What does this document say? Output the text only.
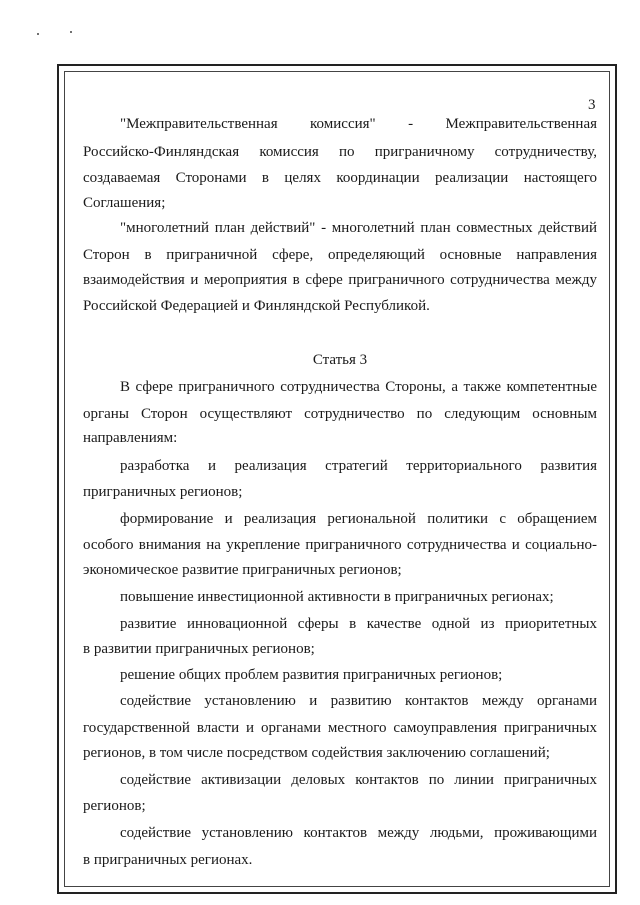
3
"Межправительственная комиссия" - Межправительственная
Российско-Финляндская комиссия по приграничному сотрудничеству,
создаваемая Сторонами в целях координации реализации настоящего
Соглашения;
"многолетний план действий" - многолетний план совместных действий
Сторон в приграничной сфере, определяющий основные направления
взаимодействия и мероприятия в сфере приграничного сотрудничества между
Российской Федерацией и Финляндской Республикой.
Статья 3
В сфере приграничного сотрудничества Стороны, а также компетентные
органы Сторон осуществляют сотрудничество по следующим основным
направлениям:
разработка и реализация стратегий территориального развития
приграничных регионов;
формирование и реализация региональной политики с обращением
особого внимания на укрепление приграничного сотрудничества и социально-
экономическое развитие приграничных регионов;
повышение инвестиционной активности в приграничных регионах;
развитие инновационной сферы в качестве одной из приоритетных
в развитии приграничных регионов;
решение общих проблем развития приграничных регионов;
содействие установлению и развитию контактов между органами
государственной власти и органами местного самоуправления приграничных
регионов, в том числе посредством содействия заключению соглашений;
содействие активизации деловых контактов по линии приграничных
регионов;
содействие установлению контактов между людьми, проживающими
в приграничных регионах.
